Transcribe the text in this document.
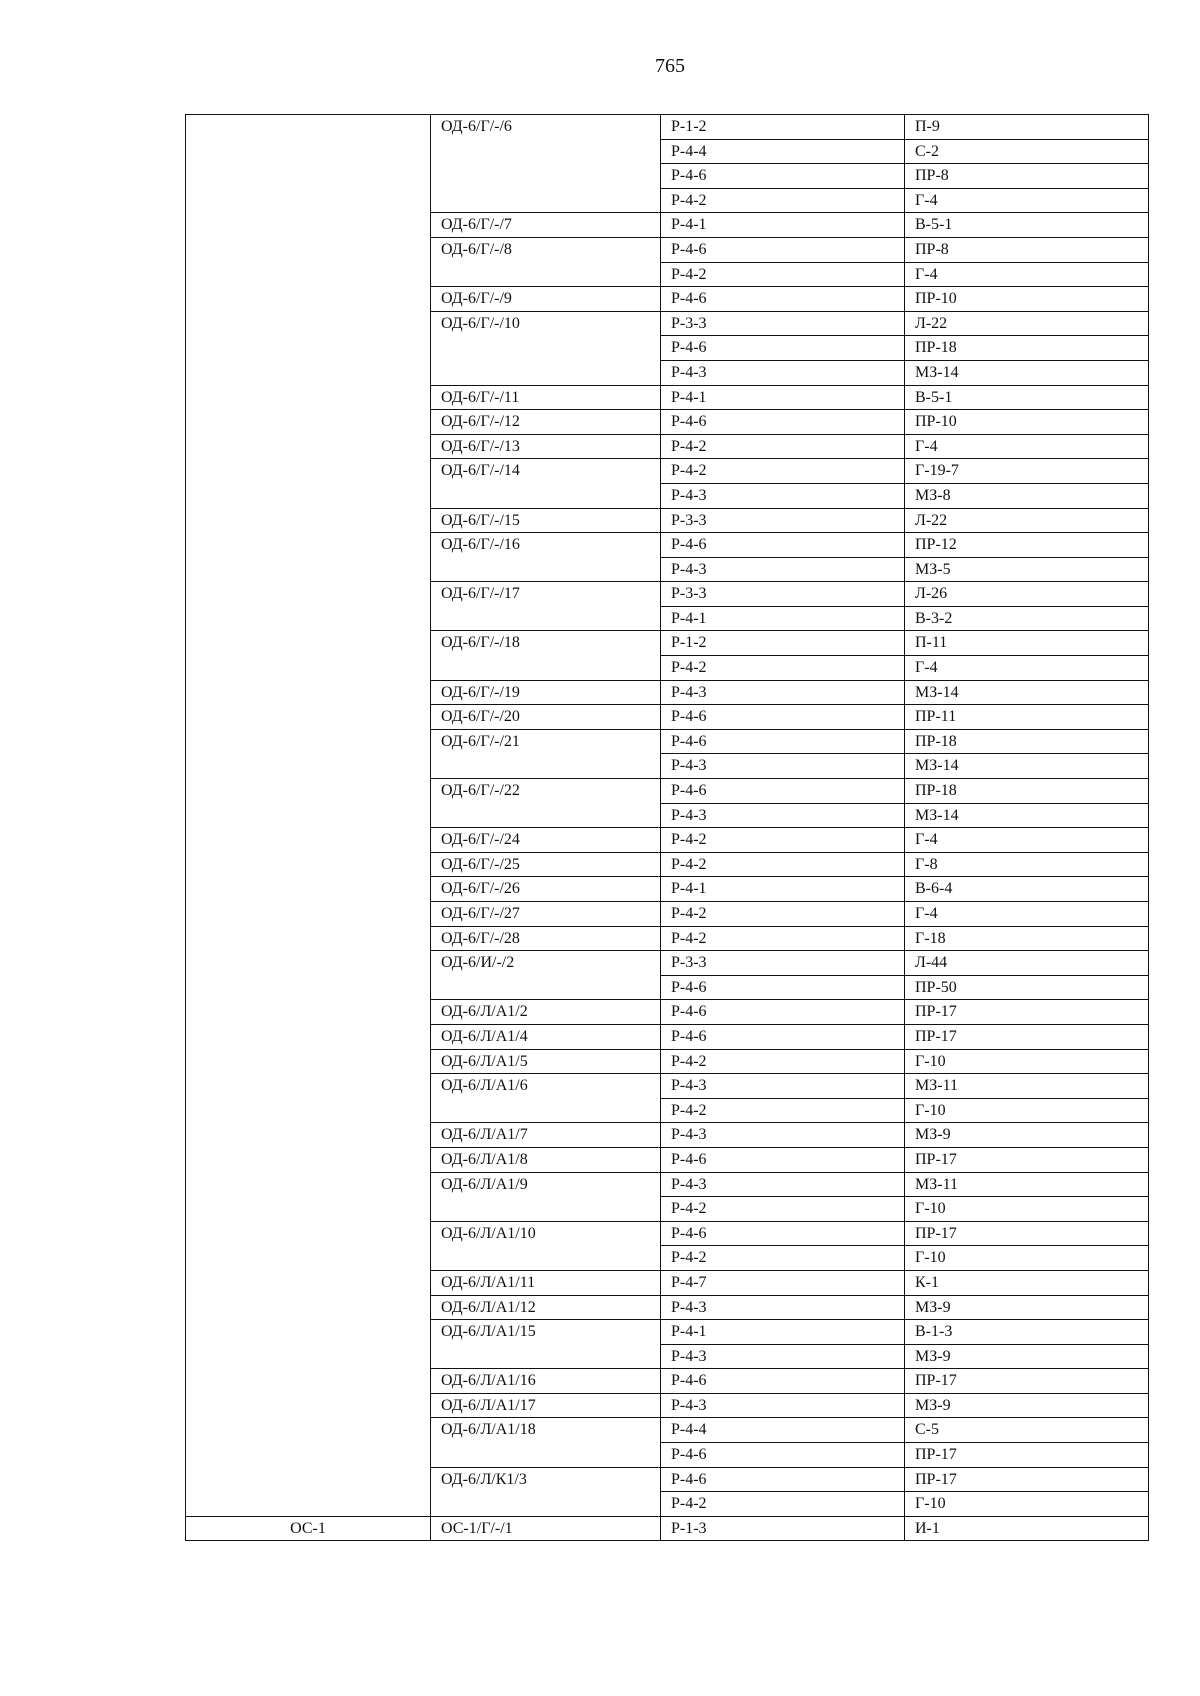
765
	ОД-6/Г/-/6	Р-1-2	П-9
		Р-4-4	С-2
		Р-4-6	ПР-8
		Р-4-2	Г-4
	ОД-6/Г/-/7	Р-4-1	В-5-1
	ОД-6/Г/-/8	Р-4-6	ПР-8
		Р-4-2	Г-4
	ОД-6/Г/-/9	Р-4-6	ПР-10
	ОД-6/Г/-/10	Р-3-3	Л-22
		Р-4-6	ПР-18
		Р-4-3	МЗ-14
	ОД-6/Г/-/11	Р-4-1	В-5-1
	ОД-6/Г/-/12	Р-4-6	ПР-10
	ОД-6/Г/-/13	Р-4-2	Г-4
	ОД-6/Г/-/14	Р-4-2	Г-19-7
		Р-4-3	МЗ-8
	ОД-6/Г/-/15	Р-3-3	Л-22
	ОД-6/Г/-/16	Р-4-6	ПР-12
		Р-4-3	МЗ-5
	ОД-6/Г/-/17	Р-3-3	Л-26
		Р-4-1	В-3-2
	ОД-6/Г/-/18	Р-1-2	П-11
		Р-4-2	Г-4
	ОД-6/Г/-/19	Р-4-3	МЗ-14
	ОД-6/Г/-/20	Р-4-6	ПР-11
	ОД-6/Г/-/21	Р-4-6	ПР-18
		Р-4-3	МЗ-14
	ОД-6/Г/-/22	Р-4-6	ПР-18
		Р-4-3	МЗ-14
	ОД-6/Г/-/24	Р-4-2	Г-4
	ОД-6/Г/-/25	Р-4-2	Г-8
	ОД-6/Г/-/26	Р-4-1	В-6-4
	ОД-6/Г/-/27	Р-4-2	Г-4
	ОД-6/Г/-/28	Р-4-2	Г-18
	ОД-6/И/-/2	Р-3-3	Л-44
		Р-4-6	ПР-50
	ОД-6/Л/А1/2	Р-4-6	ПР-17
	ОД-6/Л/А1/4	Р-4-6	ПР-17
	ОД-6/Л/А1/5	Р-4-2	Г-10
	ОД-6/Л/А1/6	Р-4-3	МЗ-11
		Р-4-2	Г-10
	ОД-6/Л/А1/7	Р-4-3	МЗ-9
	ОД-6/Л/А1/8	Р-4-6	ПР-17
	ОД-6/Л/А1/9	Р-4-3	МЗ-11
		Р-4-2	Г-10
	ОД-6/Л/А1/10	Р-4-6	ПР-17
		Р-4-2	Г-10
	ОД-6/Л/А1/11	Р-4-7	К-1
	ОД-6/Л/А1/12	Р-4-3	МЗ-9
	ОД-6/Л/А1/15	Р-4-1	В-1-3
		Р-4-3	МЗ-9
	ОД-6/Л/А1/16	Р-4-6	ПР-17
	ОД-6/Л/А1/17	Р-4-3	МЗ-9
	ОД-6/Л/А1/18	Р-4-4	С-5
		Р-4-6	ПР-17
	ОД-6/Л/К1/3	Р-4-6	ПР-17
		Р-4-2	Г-10
ОС-1	ОС-1/Г/-/1	Р-1-3	И-1
